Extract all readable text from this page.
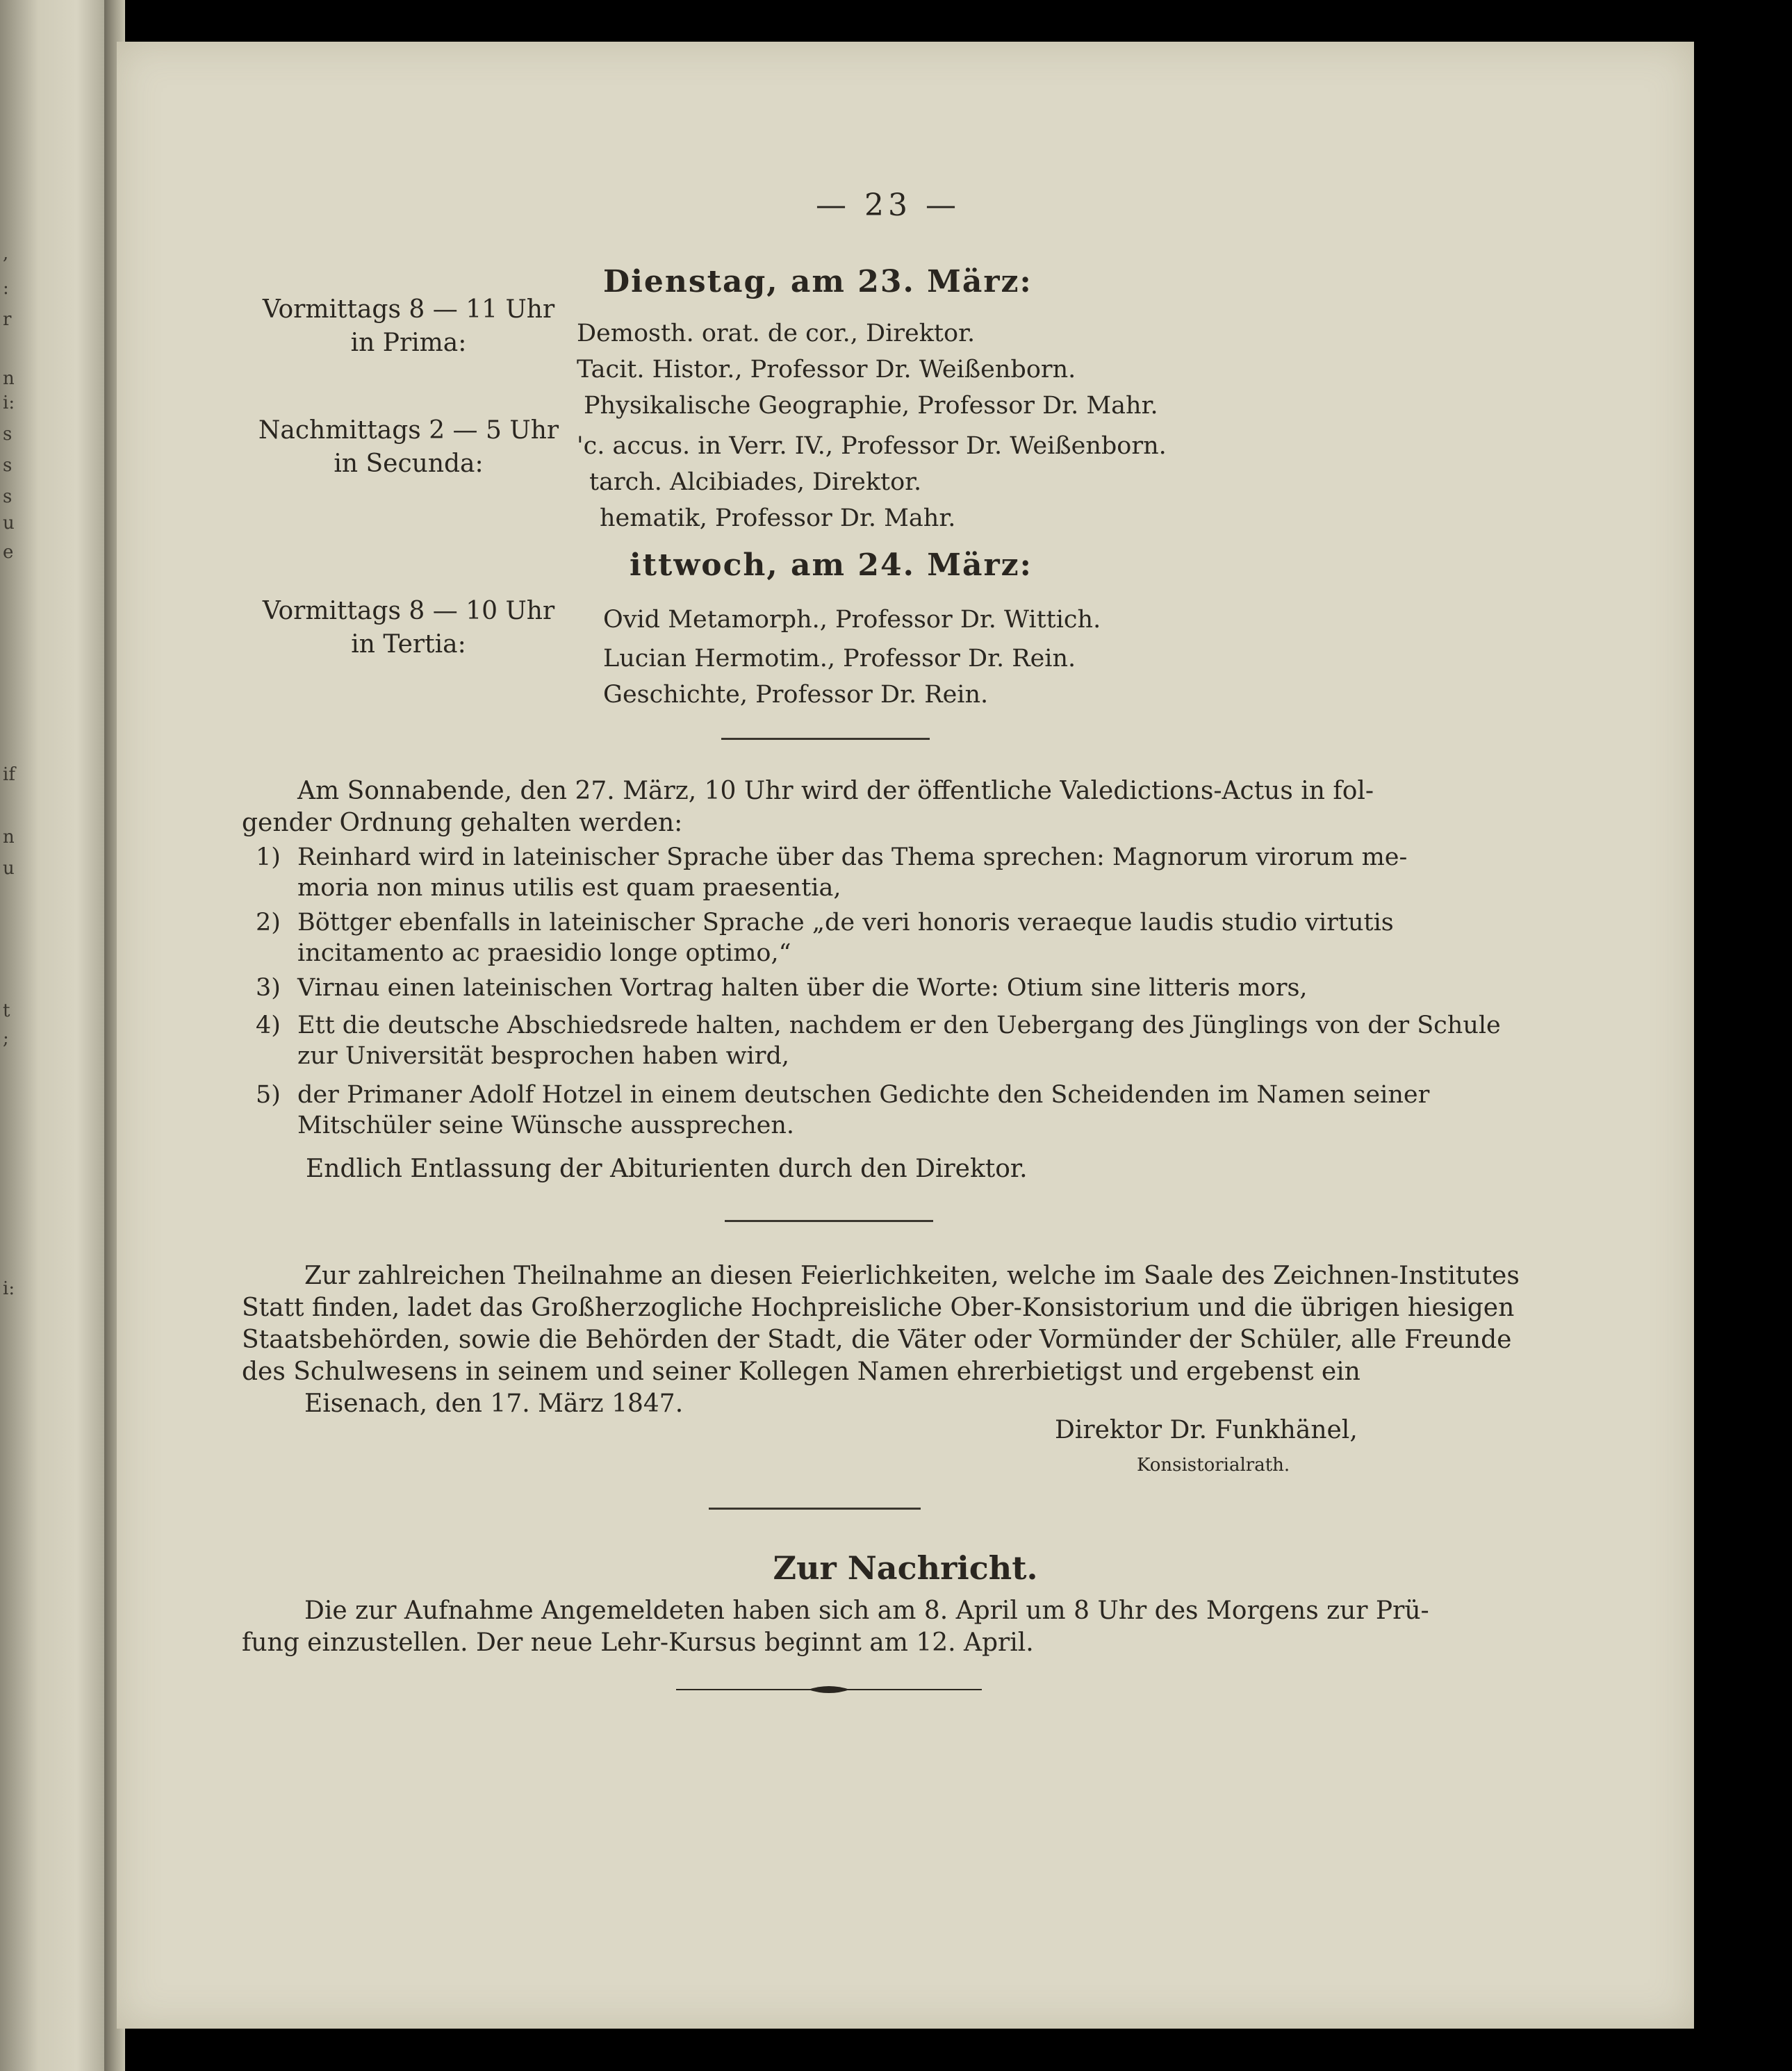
,
:
r
n
i:
s
s
s
u
e
if
n
u
t
;
i:
— 23 —
Dienstag, am 23. März:
Vormittags 8 — 11 Uhr
in Prima:
Nachmittags 2 — 5 Uhr
in Secunda:
Demosth. orat. de cor., Direktor.
Tacit. Histor., Professor Dr. Weißenborn.
Physikalische Geographie, Professor Dr. Mahr.
'c. accus. in Verr. IV., Professor Dr. Weißenborn.
tarch. Alcibiades, Direktor.
hematik, Professor Dr. Mahr.
ittwoch, am 24. März:
Vormittags 8 — 10 Uhr
in Tertia:
Ovid Metamorph., Professor Dr. Wittich.
Lucian Hermotim., Professor Dr. Rein.
Geschichte, Professor Dr. Rein.
Am Sonnabende, den 27. März, 10 Uhr wird der öffentliche Valedictions-Actus in fol-
gender Ordnung gehalten werden:
1) Reinhard wird in lateinischer Sprache über das Thema sprechen: Magnorum virorum me-
moria non minus utilis est quam praesentia,
2) Böttger ebenfalls in lateinischer Sprache „de veri honoris veraeque laudis studio virtutis
incitamento ac praesidio longe optimo,“
3) Virnau einen lateinischen Vortrag halten über die Worte: Otium sine litteris mors,
4) Ett die deutsche Abschiedsrede halten, nachdem er den Uebergang des Jünglings von der Schule
zur Universität besprochen haben wird,
5) der Primaner Adolf Hotzel in einem deutschen Gedichte den Scheidenden im Namen seiner
Mitschüler seine Wünsche aussprechen.
Endlich Entlassung der Abiturienten durch den Direktor.
Zur zahlreichen Theilnahme an diesen Feierlichkeiten, welche im Saale des Zeichnen-Institutes
Statt finden, ladet das Großherzogliche Hochpreisliche Ober-Konsistorium und die übrigen hiesigen
Staatsbehörden, sowie die Behörden der Stadt, die Väter oder Vormünder der Schüler, alle Freunde
des Schulwesens in seinem und seiner Kollegen Namen ehrerbietigst und ergebenst ein
Eisenach, den 17. März 1847.
Direktor Dr. Funkhänel,
Konsistorialrath.
Zur Nachricht.
Die zur Aufnahme Angemeldeten haben sich am 8. April um 8 Uhr des Morgens zur Prü-
fung einzustellen. Der neue Lehr-Kursus beginnt am 12. April.
